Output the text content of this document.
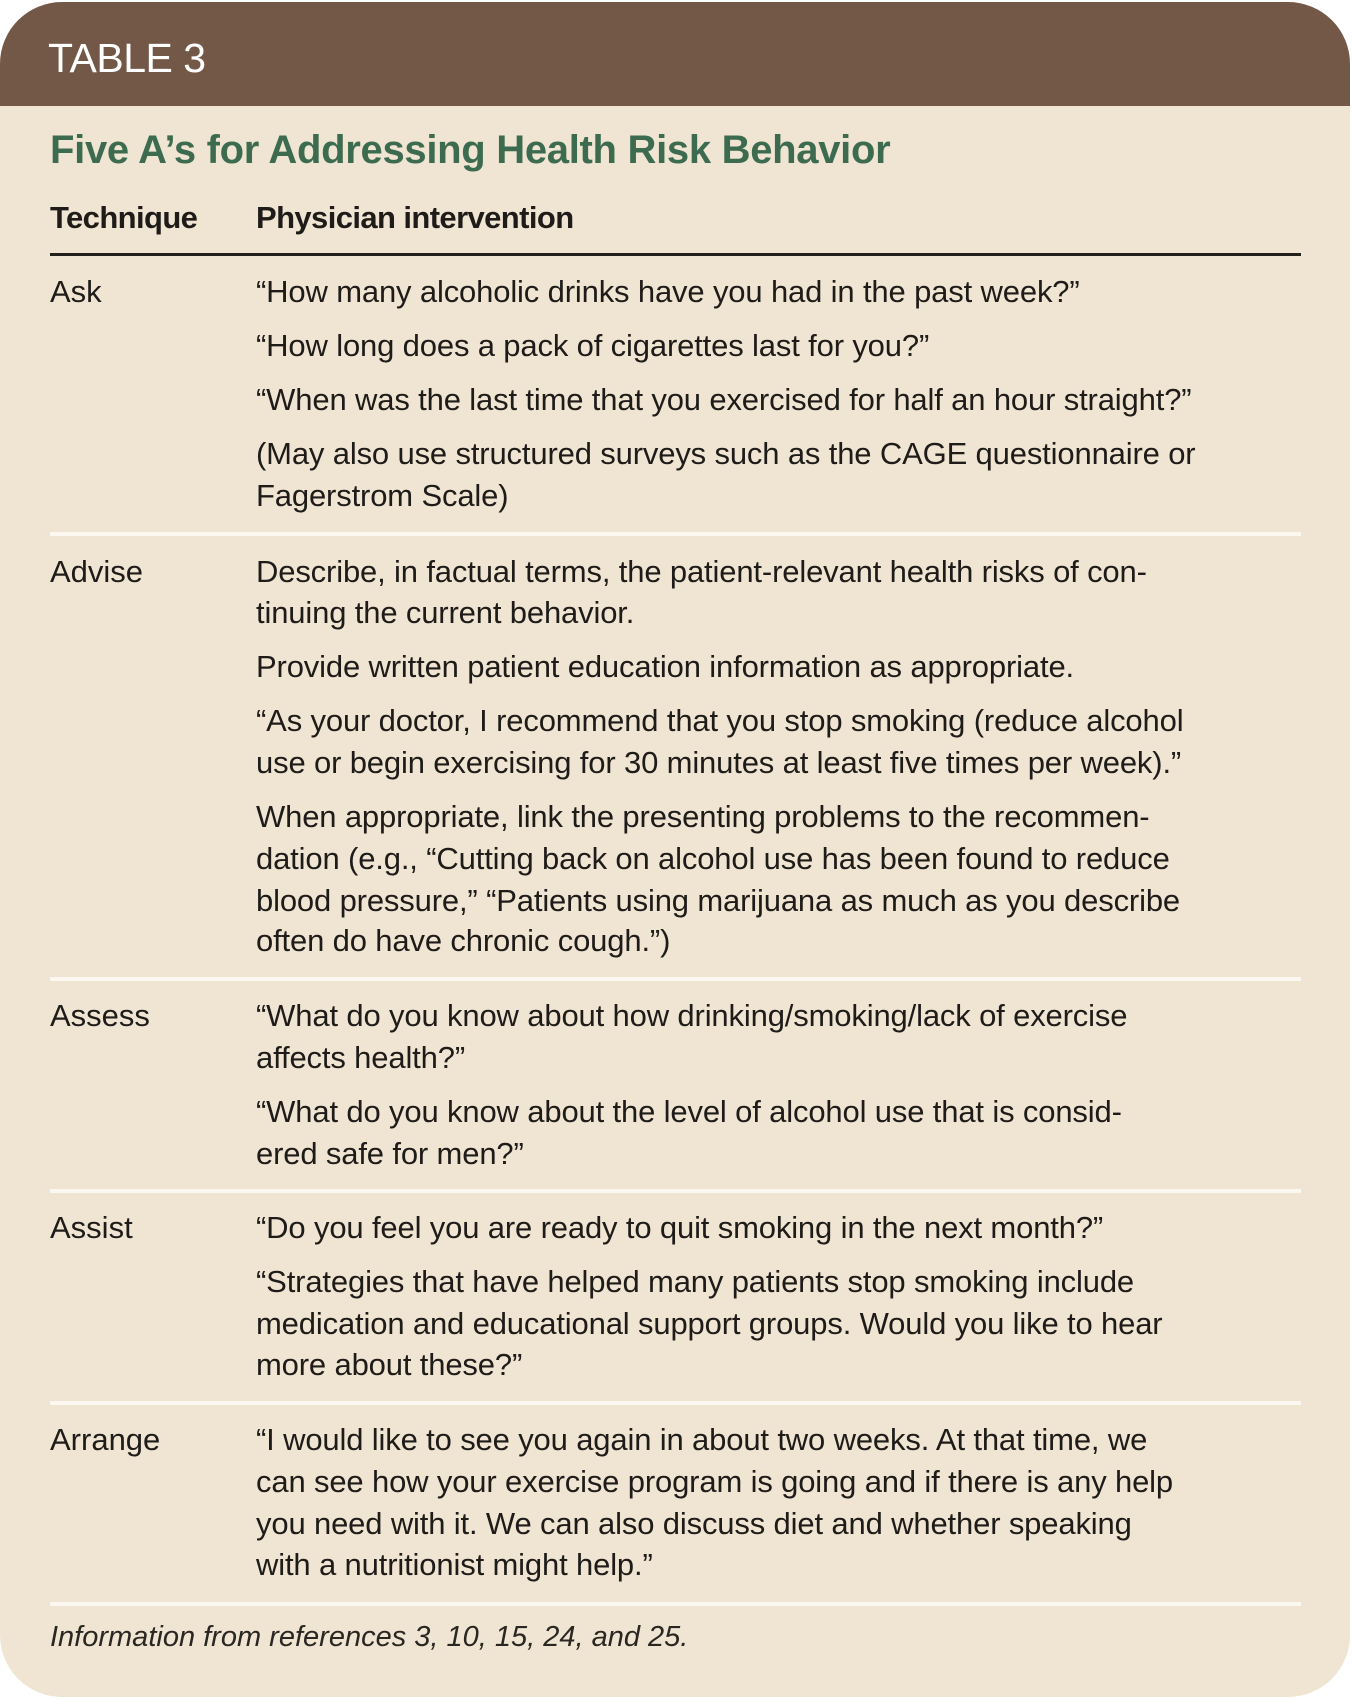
TABLE 3
Five A’s for Addressing Health Risk Behavior
Technique Physician intervention
Ask	“How many alcoholic drinks have you had in the past week?”
“How long does a pack of cigarettes last for you?”
“When was the last time that you exercised for half an hour straight?”
(May also use structured surveys such as the CAGE questionnaire or
Fagerstrom Scale)
Advise	Describe, in factual terms, the patient-relevant health risks of con-
tinuing the current behavior.
Provide written patient education information as appropriate.
“As your doctor, I recommend that you stop smoking (reduce alcohol
use or begin exercising for 30 minutes at least five times per week).”
When appropriate, link the presenting problems to the recommen-
dation (e.g., “Cutting back on alcohol use has been found to reduce
blood pressure,” “Patients using marijuana as much as you describe
often do have chronic cough.”)
Assess	“What do you know about how drinking/smoking/lack of exercise
affects health?”
“What do you know about the level of alcohol use that is consid-
ered safe for men?”
Assist	“Do you feel you are ready to quit smoking in the next month?”
“Strategies that have helped many patients stop smoking include
medication and educational support groups. Would you like to hear
more about these?”
Arrange	“I would like to see you again in about two weeks. At that time, we
can see how your exercise program is going and if there is any help
you need with it. We can also discuss diet and whether speaking
with a nutritionist might help.”
Information from references 3, 10, 15, 24, and 25.
